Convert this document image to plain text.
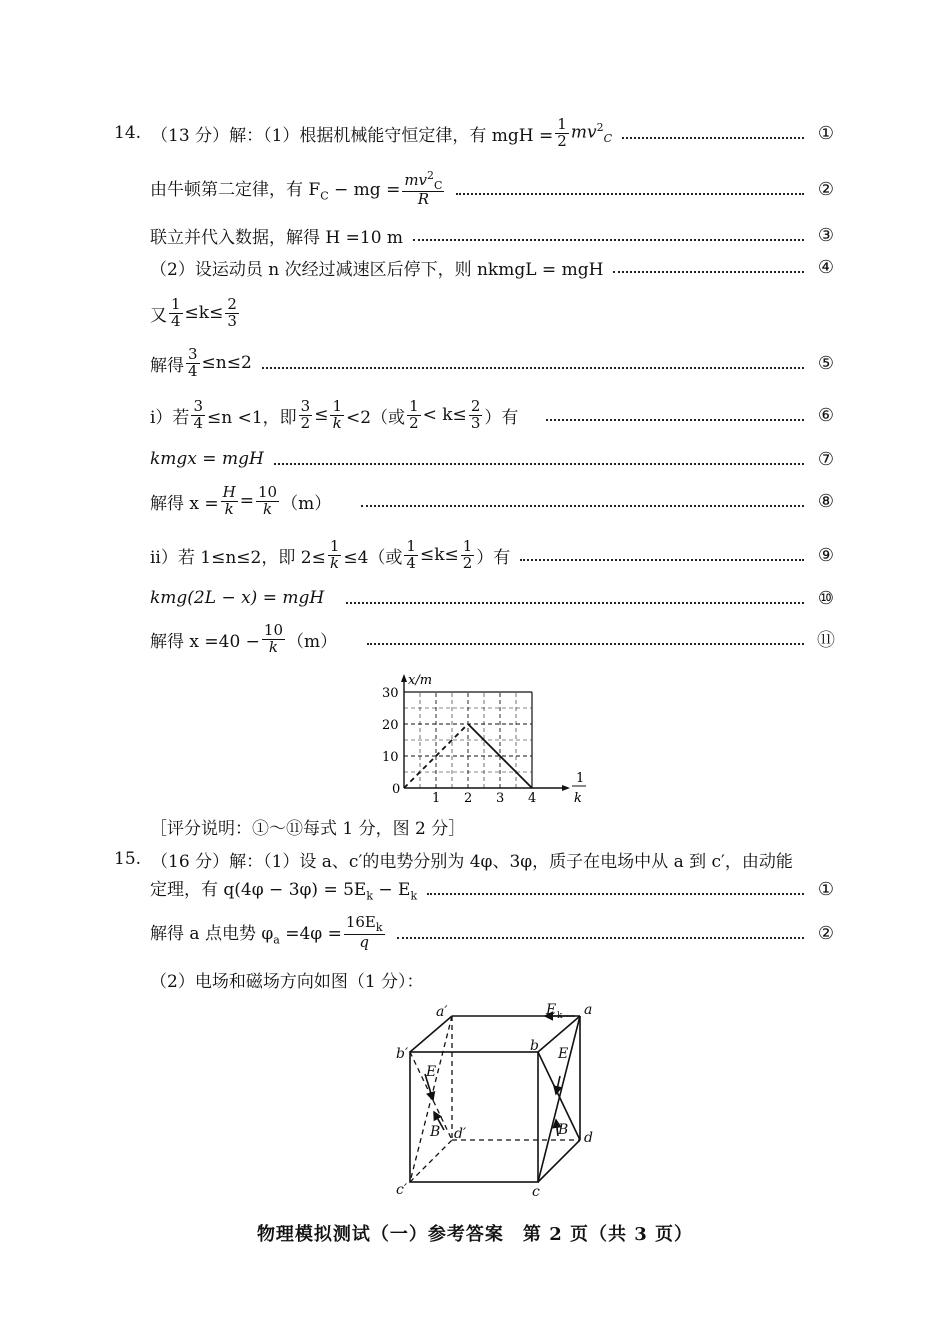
14. （13 分）解：（1）根据机械能守恒定律，有 mgH = $\frac{1}{2} mv^2_C$	①
由牛顿第二定律，有 $F_C$ − mg = $\frac{mv^2_C}{R}$	②
联立并代入数据，解得 H =10 m	③
（2）设运动员 n 次经过减速区后停下，则 nkmgL = mgH	④
又 $\frac{1}{4} \le k\le \frac{2}{3}$
解得 $\frac{3}{4} \le n\le 2$	⑤
i）若 $\frac{3}{4} \le n <1$，即 $\frac{3}{2} \le \frac{1}{k} <2$（或 $\frac{1}{2} < k\le \frac{2}{3}$ ）有	⑥
kmgx = mgH	⑦
解得 $x = \frac{H}{k} = \frac{10}{k} (m)$	⑧
ii）若 1≤n≤2，即 $2\le \frac{1}{k} \le 4$（或 $\frac{1}{4} \le k\le \frac{1}{2}$ ）有	⑨
kmg(2L − x) = mgH	⑩
解得 $x =40 - \frac{10}{k} (m)$	⑪
x/m
1
k
1 2 3 4
0
10
20
30
［评分说明：①～⑪每式 1 分，图 2 分］
15. （16 分）解：（1）设 a、c′的电势分别为 4φ、3φ，质子在电场中从 a 到 c′，由动能
定理，有 $q(4\varphi - 3\varphi) = 5E_k - E_k$	①
解得 a 点电势 $\varphi_a =4\varphi = \frac{16E_k}{q}$	②
（2）电场和磁场方向如图（1 分）：
a′	a
b′	b
d′	d
c′	c
E k
E
B
E
B
物理模拟测试（一）参考答案　第 2 页（共 3 页）
